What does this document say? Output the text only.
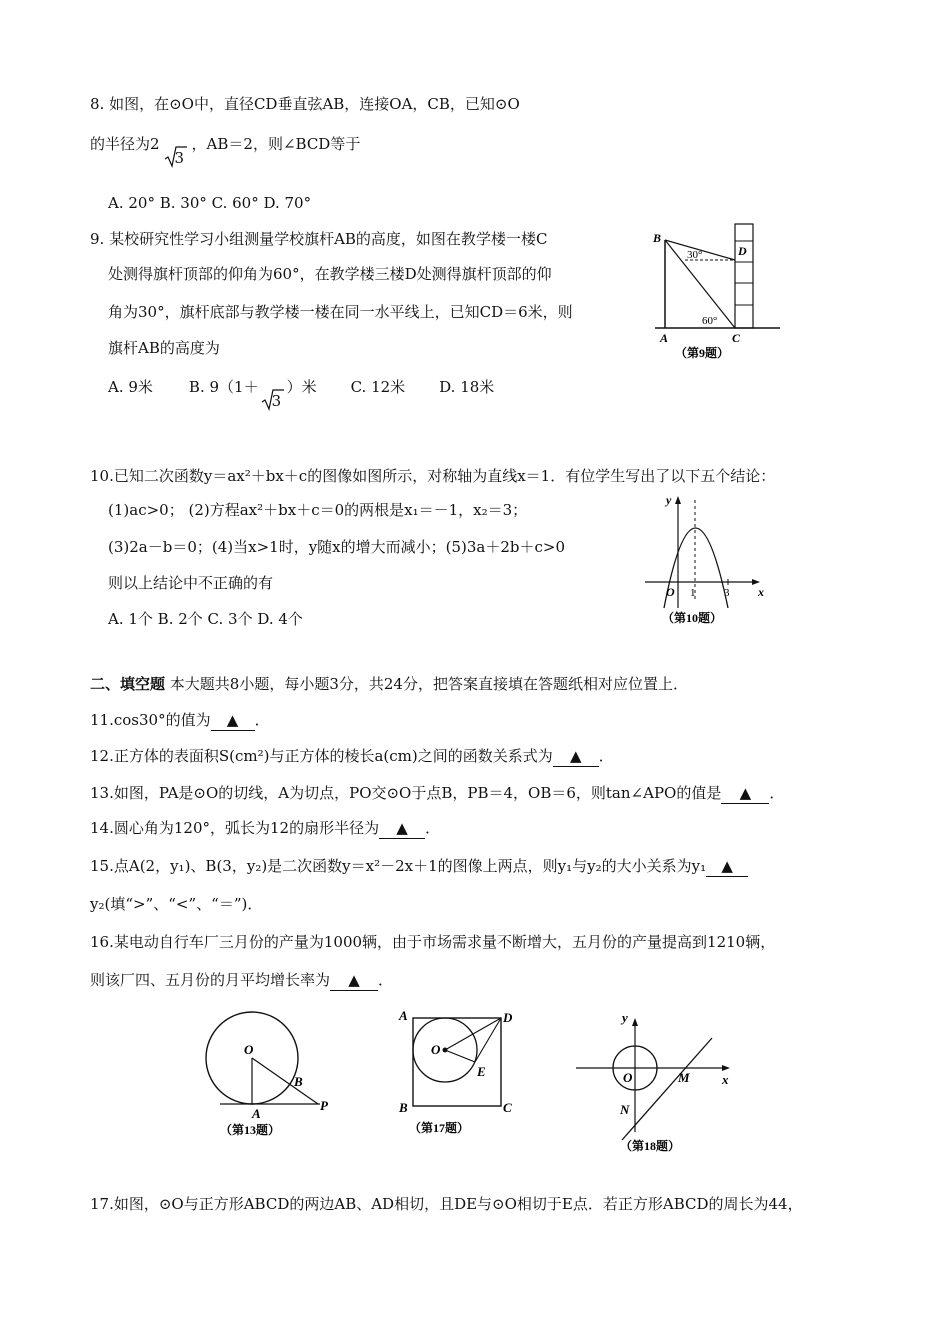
8. 如图，在⊙O中，直径CD垂直弦AB，连接OA，CB，已知⊙O
的半径为2
3
，AB＝2，则∠BCD等于
A. 20° B. 30° C. 60° D. 70°
9. 某校研究性学习小组测量学校旗杆AB的高度，如图在教学楼一楼C
处测得旗杆顶部的仰角为60°，在教学楼三楼D处测得旗杆顶部的仰
角为30°，旗杆底部与教学楼一楼在同一水平线上，已知CD＝6米，则
旗杆AB的高度为
A. 9米 B. 9（1＋
3
）米 C. 12米 D. 18米
B
D
A	C
30°
60°
（第9题）
10.已知二次函数y＝ax²＋bx＋c的图像如图所示，对称轴为直线x＝1．有位学生写出了以下五个结论：
(1)ac>0； (2)方程ax²＋bx＋c＝0的两根是x₁＝－1，x₂＝3；
(3)2a－b＝0；(4)当x>1时，y随x的增大而减小；(5)3a＋2b＋c>0
则以上结论中不正确的有
A. 1个 B. 2个 C. 3个 D. 4个
y
x
O 1	3
（第10题）
二、填空题 本大题共8小题，每小题3分，共24分，把答案直接填在答题纸相对应位置上．
11.cos30°的值为 ▲ ．
12.正方体的表面积S(cm²)与正方体的棱长a(cm)之间的函数关系式为 ▲ ．
13.如图，PA是⊙O的切线，A为切点，PO交⊙O于点B，PB＝4，OB＝6，则tan∠APO的值是 ▲ ．
14.圆心角为120°，弧长为12的扇形半径为 ▲ ．
15.点A(2，y₁)、B(3，y₂)是二次函数y＝x²－2x＋1的图像上两点，则y₁与y₂的大小关系为y₁ ▲
y₂(填“>”、“<”、“＝”)．
16.某电动自行车厂三月份的产量为1000辆，由于市场需求量不断增大，五月份的产量提高到1210辆，
则该厂四、五月份的月平均增长率为 ▲ ．
O
B
A
P
（第13题）
A	D
O
E
B	C
（第17题）
y
x
O	M
N
（第18题）
17.如图，⊙O与正方形ABCD的两边AB、AD相切，且DE与⊙O相切于E点．若正方形ABCD的周长为44，
